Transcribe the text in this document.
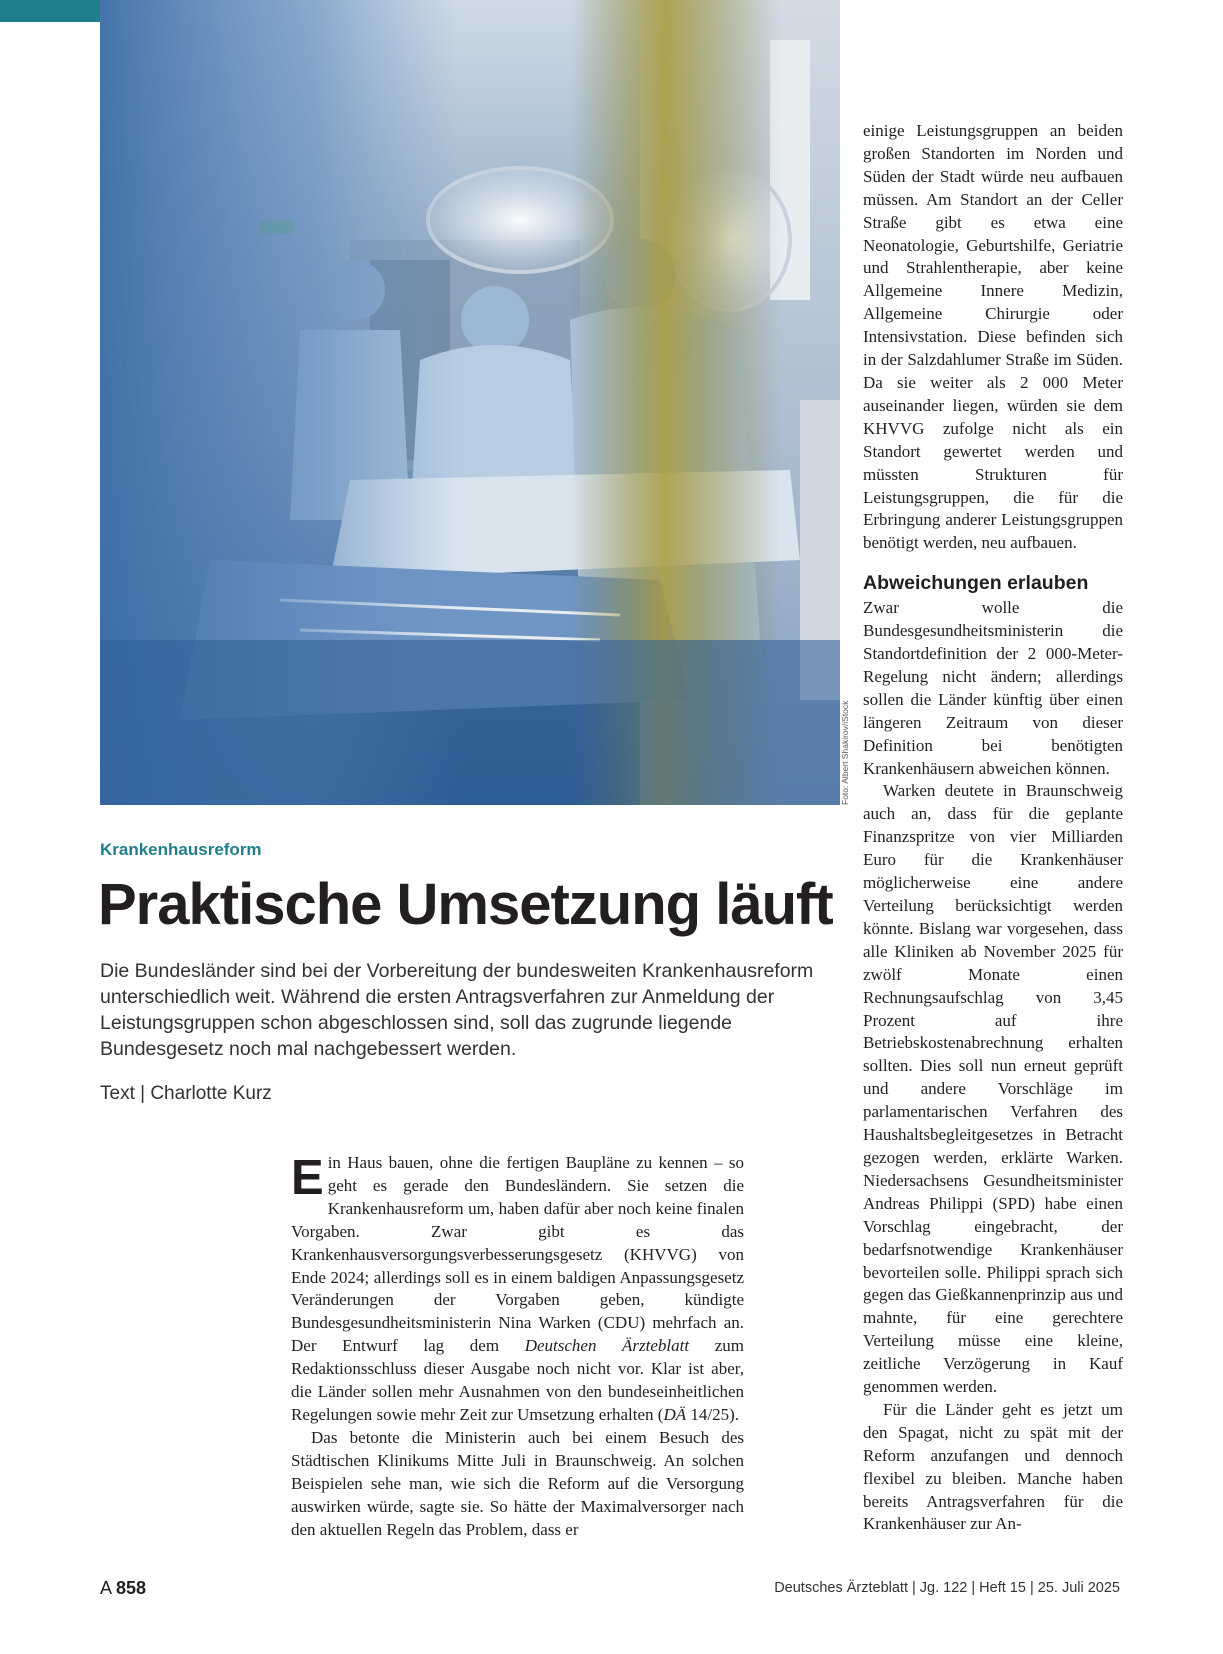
Foto: Albert Shakirov/iStock
Krankenhausreform
Praktische Umsetzung läuft

Die Bundesländer sind bei der Vorbereitung der bundesweiten Krankenhausreform unterschiedlich weit. Während die ersten Antragsverfahren zur Anmeldung der Leistungsgruppen schon abgeschlossen sind, soll das zugrunde liegende Bundesgesetz noch mal nachgebessert werden.

Text | Charlotte Kurz

Ein Haus bauen, ohne die fertigen Baupläne zu kennen – so geht es gerade den Bundesländern. Sie setzen die Krankenhausreform um, haben dafür aber noch keine finalen Vorgaben. Zwar gibt es das Krankenhausversorgungsverbesserungsgesetz (KHVVG) von Ende 2024; allerdings soll es in einem baldigen Anpassungsgesetz Veränderungen der Vorgaben geben, kündigte Bundesgesundheitsministerin Nina Warken (CDU) mehrfach an. Der Entwurf lag dem Deutschen Ärzteblatt zum Redaktionsschluss dieser Ausgabe noch nicht vor. Klar ist aber, die Länder sollen mehr Ausnahmen von den bundeseinheitlichen Regelungen sowie mehr Zeit zur Umsetzung erhalten (DÄ 14/25).

Das betonte die Ministerin auch bei einem Besuch des Städtischen Klinikums Mitte Juli in Braunschweig. An solchen Beispielen sehe man, wie sich die Reform auf die Versorgung auswirken würde, sagte sie. So hätte der Maximalversorger nach den aktuellen Regeln das Problem, dass er

einige Leistungsgruppen an beiden großen Standorten im Norden und Süden der Stadt würde neu aufbauen müssen. Am Standort an der Celler Straße gibt es etwa eine Neonatologie, Geburtshilfe, Geriatrie und Strahlentherapie, aber keine Allgemeine Innere Medizin, Allgemeine Chirurgie oder Intensivstation. Diese befinden sich in der Salzdahlumer Straße im Süden. Da sie weiter als 2 000 Meter auseinander liegen, würden sie dem KHVVG zufolge nicht als ein Standort gewertet werden und müssten Strukturen für Leistungsgruppen, die für die Erbringung anderer Leistungsgruppen benötigt werden, neu aufbauen.

Abweichungen erlauben

Zwar wolle die Bundesgesundheitsministerin die Standortdefinition der 2 000-Meter-Regelung nicht ändern; allerdings sollen die Länder künftig über einen längeren Zeitraum von dieser Definition bei benötigten Krankenhäusern abweichen können.

Warken deutete in Braunschweig auch an, dass für die geplante Finanzspritze von vier Milliarden Euro für die Krankenhäuser möglicherweise eine andere Verteilung berücksichtigt werden könnte. Bislang war vorgesehen, dass alle Kliniken ab November 2025 für zwölf Monate einen Rechnungsaufschlag von 3,45 Prozent auf ihre Betriebskostenabrechnung erhalten sollten. Dies soll nun erneut geprüft und andere Vorschläge im parlamentarischen Verfahren des Haushaltsbegleitgesetzes in Betracht gezogen werden, erklärte Warken. Niedersachsens Gesundheitsminister Andreas Philippi (SPD) habe einen Vorschlag eingebracht, der bedarfsnotwendige Krankenhäuser bevorteilen solle. Philippi sprach sich gegen das Gießkannenprinzip aus und mahnte, für eine gerechtere Verteilung müsse eine kleine, zeitliche Verzögerung in Kauf genommen werden.

Für die Länder geht es jetzt um den Spagat, nicht zu spät mit der Reform anzufangen und dennoch flexibel zu bleiben. Manche haben bereits Antragsverfahren für die Krankenhäuser zur An-

A 858	Deutsches Ärzteblatt | Jg. 122 | Heft 15 | 25. Juli 2025
